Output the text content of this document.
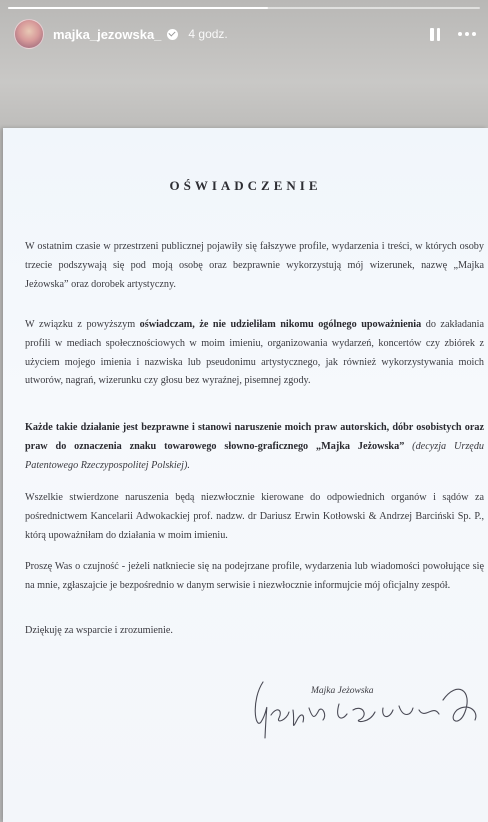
majka_jezowska_ 4 godz.
OŚWIADCZENIE
W ostatnim czasie w przestrzeni publicznej pojawiły się fałszywe profile, wydarzenia i treści, w których osoby trzecie podszywają się pod moją osobę oraz bezprawnie wykorzystują mój wizerunek, nazwę „Majka Jeżowska” oraz dorobek artystyczny.
W związku z powyższym oświadczam, że nie udzieliłam nikomu ogólnego upoważnienia do zakładania profili w mediach społecznościowych w moim imieniu, organizowania wydarzeń, koncertów czy zbiórek z użyciem mojego imienia i nazwiska lub pseudonimu artystycznego, jak również wykorzystywania moich utworów, nagrań, wizerunku czy głosu bez wyraźnej, pisemnej zgody.
Każde takie działanie jest bezprawne i stanowi naruszenie moich praw autorskich, dóbr osobistych oraz praw do oznaczenia znaku towarowego słowno-graficznego „Majka Jeżowska” (decyzja Urzędu Patentowego Rzeczypospolitej Polskiej).
Wszelkie stwierdzone naruszenia będą niezwłocznie kierowane do odpowiednich organów i sądów za pośrednictwem Kancelarii Adwokackiej prof. nadzw. dr Dariusz Erwin Kotłowski & Andrzej Barciński Sp. P., którą upoważniłam do działania w moim imieniu.
Proszę Was o czujność - jeżeli natkniecie się na podejrzane profile, wydarzenia lub wiadomości powołujące się na mnie, zgłaszajcie je bezpośrednio w danym serwisie i niezwłocznie informujcie mój oficjalny zespół.
Dziękuję za wsparcie i zrozumienie.
Majka Jeżowska
